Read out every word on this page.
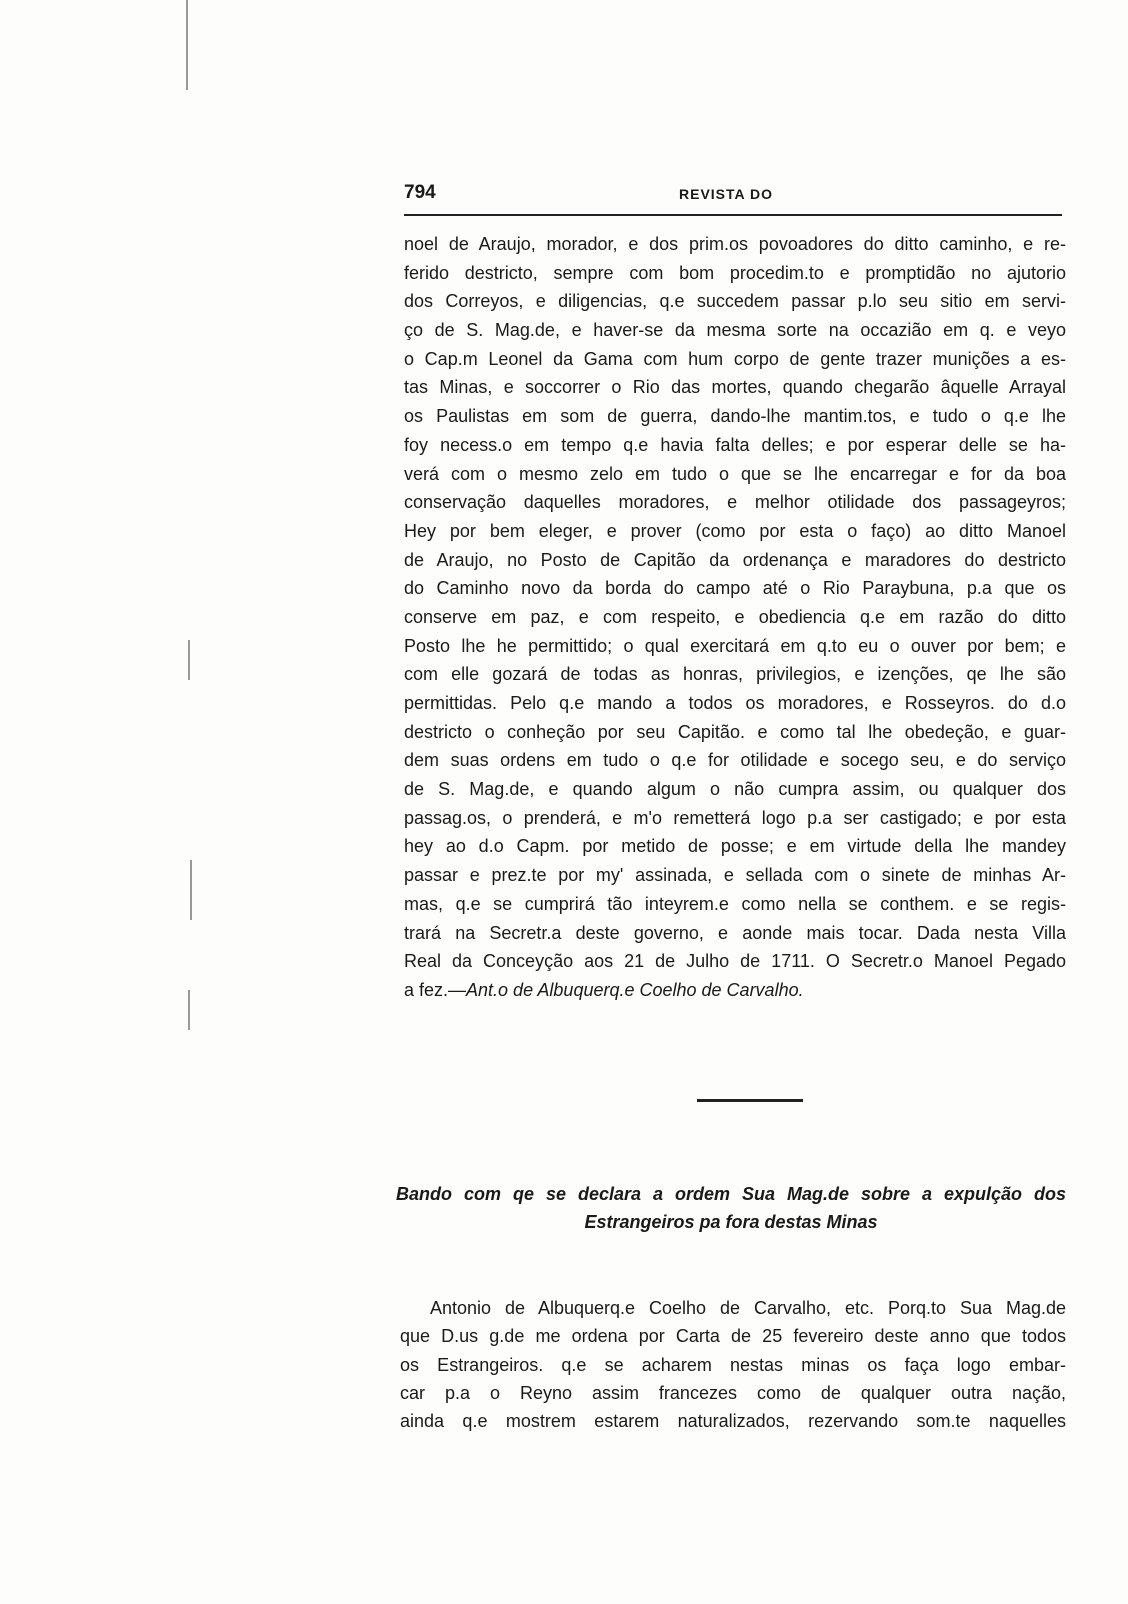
794	REVISTA DO
noel de Araujo, morador, e dos prim.os povoadores do ditto caminho, e re-
ferido destricto, sempre com bom procedim.to e promptidão no ajutorio
dos Correyos, e diligencias, q.e succedem passar p.lo seu sitio em servi-
ço de S. Mag.de, e haver-se da mesma sorte na occazião em q. e veyo
o Cap.m Leonel da Gama com hum corpo de gente trazer munições a es-
tas Minas, e soccorrer o Rio das mortes, quando chegarão âquelle Arrayal
os Paulistas em som de guerra, dando-lhe mantim.tos, e tudo o q.e lhe
foy necess.o em tempo q.e havia falta delles; e por esperar delle se ha-
verá com o mesmo zelo em tudo o que se lhe encarregar e for da boa
conservação daquelles moradores, e melhor otilidade dos passageyros;
Hey por bem eleger, e prover (como por esta o faço) ao ditto Manoel
de Araujo, no Posto de Capitão da ordenança e maradores do destricto
do Caminho novo da borda do campo até o Rio Paraybuna, p.a que os
conserve em paz, e com respeito, e obediencia q.e em razão do ditto
Posto lhe he permittido; o qual exercitará em q.to eu o ouver por bem; e
com elle gozará de todas as honras, privilegios, e izenções, qe lhe são
permittidas. Pelo q.e mando a todos os moradores, e Rosseyros. do d.o
destricto o conheção por seu Capitão. e como tal lhe obedeção, e guar-
dem suas ordens em tudo o q.e for otilidade e socego seu, e do serviço
de S. Mag.de, e quando algum o não cumpra assim, ou qualquer dos
passag.os, o prenderá, e m'o remetterá logo p.a ser castigado; e por esta
hey ao d.o Capm. por metido de posse; e em virtude della lhe mandey
passar e prez.te por my' assinada, e sellada com o sinete de minhas Ar-
mas, q.e se cumprirá tão inteyrem.e como nella se conthem. e se regis-
trará na Secretr.a deste governo, e aonde mais tocar. Dada nesta Villa
Real da Conceyção aos 21 de Julho de 1711. O Secretr.o Manoel Pegado
a fez.—Ant.o de Albuquerq.e Coelho de Carvalho.
Bando com qe se declara a ordem Sua Mag.de sobre a expulção dos
Estrangeiros pa fora destas Minas
Antonio de Albuquerq.e Coelho de Carvalho, etc. Porq.to Sua Mag.de
que D.us g.de me ordena por Carta de 25 fevereiro deste anno que todos
os Estrangeiros. q.e se acharem nestas minas os faça logo embar-
car p.a o Reyno assim francezes como de qualquer outra nação,
ainda q.e mostrem estarem naturalizados, rezervando som.te naquelles
